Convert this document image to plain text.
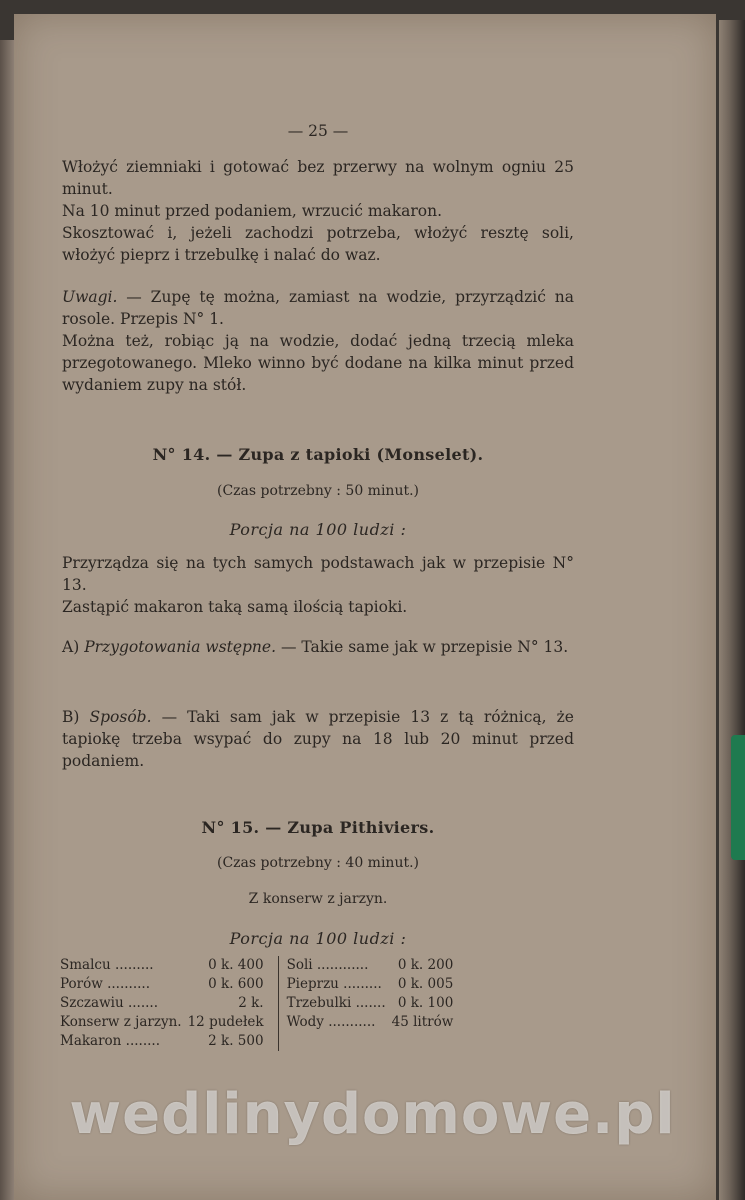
— 25 —

Włożyć ziemniaki i gotować bez przerwy na wolnym ogniu 25 minut.

Na 10 minut przed podaniem, wrzucić makaron.

Skosztować i, jeżeli zachodzi potrzeba, włożyć resztę soli, włożyć pieprz i trzebulkę i nalać do waz.

Uwagi. — Zupę tę można, zamiast na wodzie, przyrządzić na rosole. Przepis N° 1.

Można też, robiąc ją na wodzie, dodać jedną trzecią mleka przegotowanego. Mleko winno być dodane na kilka minut przed wydaniem zupy na stół.

N° 14. — Zupa z tapioki (Monselet).
(Czas potrzebny : 50 minut.)
Porcja na 100 ludzi :

Przyrządza się na tych samych podstawach jak w przepisie N° 13.

Zastąpić makaron taką samą ilością tapioki.

A) Przygotowania wstępne. — Takie same jak w przepisie N° 13.
B) Sposób. — Taki sam jak w przepisie 13 z tą różnicą, że tapiokę trzeba wsypać do zupy na 18 lub 20 minut przed podaniem.
N° 15. — Zupa Pithiviers.
(Czas potrzebny : 40 minut.)
Z konserw z jarzyn.
Porcja na 100 ludzi :
Smalcu .........	0 k. 400	Soli ............	0 k. 200
Porów ..........	0 k. 600	Pieprzu .........	0 k. 005
Szczawiu .......	2 k.	Trzebulki .......	0 k. 100
Konserw z jarzyn.	12 pudełek	Wody ...........	45 litrów
Makaron ........	2 k. 500		
wedlinydomowe.pl
